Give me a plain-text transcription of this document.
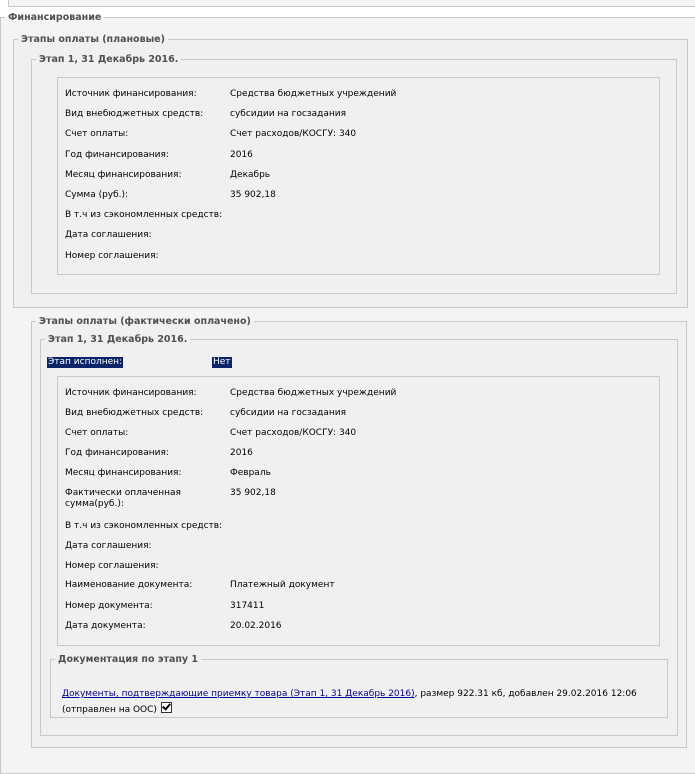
Финансирование
Этапы оплаты (плановые)
Этап 1, 31 Декабрь 2016.
Источник финансирования:	Средства бюджетных учреждений
Вид внебюджетных средств:	субсидии на госзадания
Счет оплаты:	Счет расходов/КОСГУ: 340
Год финансирования:	2016
Месяц финансирования:	Декабрь
Сумма (руб.):	35 902,18
В т.ч из сэкономленных средств:
Дата соглашения:
Номер соглашения:
Этапы оплаты (фактически оплачено)
Этап 1, 31 Декабрь 2016.
Этап исполнен:	Нет
Источник финансирования:	Средства бюджетных учреждений
Вид внебюджетных средств:	субсидии на госзадания
Счет оплаты:	Счет расходов/КОСГУ: 340
Год финансирования:	2016
Месяц финансирования:	Февраль
Фактически оплаченная сумма(руб.):
35 902,18
В т.ч из сэкономленных средств:
Дата соглашения:
Номер соглашения:
Наименование документа:	Платежный документ
Номер документа:	317411
Дата документа:	20.02.2016
Документация по этапу 1
Документы, подтверждающие приемку товара (Этап 1, 31 Декабрь 2016), размер 922.31 кб, добавлен 29.02.2016 12:06
(отправлен на ООС)
